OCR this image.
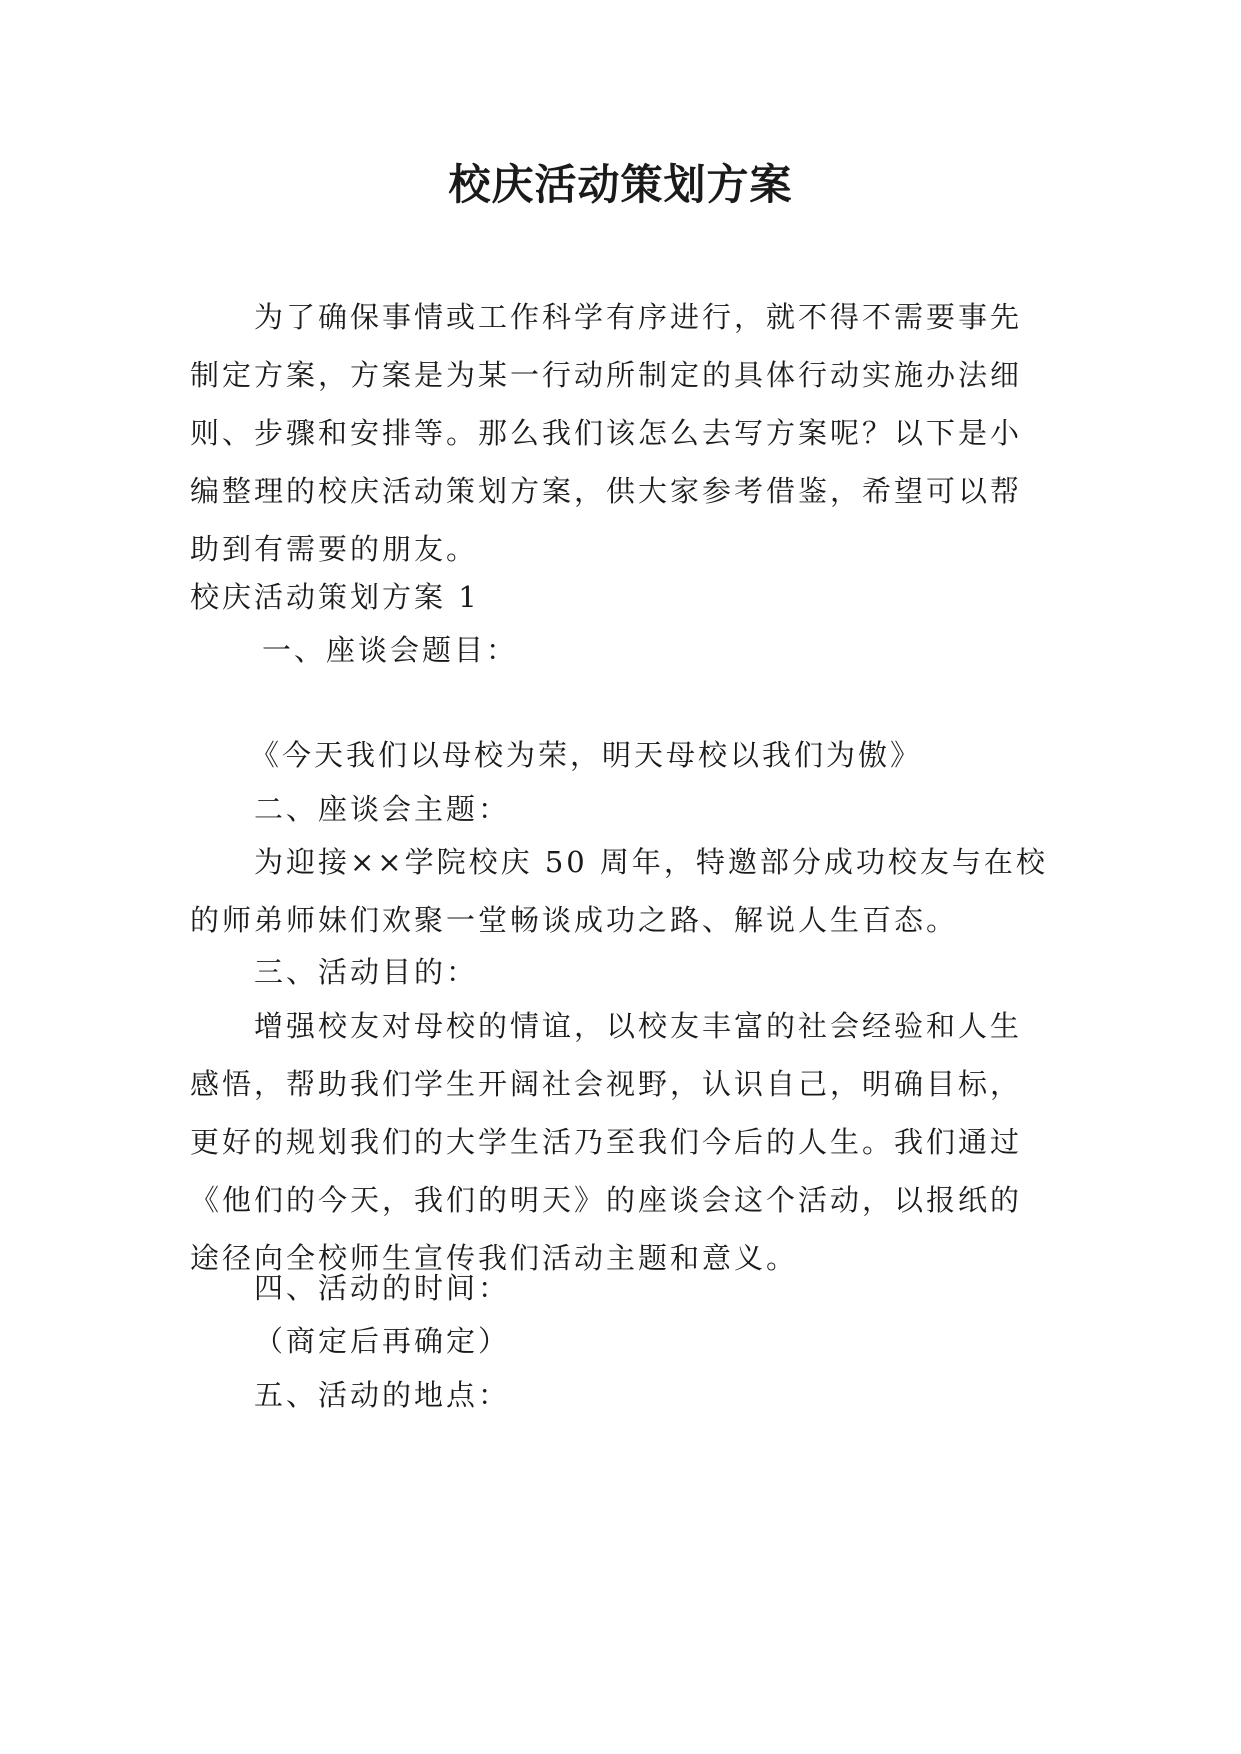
校庆活动策划方案
为了确保事情或工作科学有序进行，就不得不需要事先制定方案，方案是为某一行动所制定的具体行动实施办法细则、步骤和安排等。那么我们该怎么去写方案呢？以下是小编整理的校庆活动策划方案，供大家参考借鉴，希望可以帮助到有需要的朋友。
校庆活动策划方案 1
一、座谈会题目：
《今天我们以母校为荣，明天母校以我们为傲》
二、座谈会主题：
为迎接××学院校庆 50 周年，特邀部分成功校友与在校的师弟师妹们欢聚一堂畅谈成功之路、解说人生百态。
三、活动目的：
增强校友对母校的情谊，以校友丰富的社会经验和人生感悟，帮助我们学生开阔社会视野，认识自己，明确目标，更好的规划我们的大学生活乃至我们今后的人生。我们通过《他们的今天，我们的明天》的座谈会这个活动，以报纸的途径向全校师生宣传我们活动主题和意义。
四、活动的时间：
（商定后再确定）
五、活动的地点：
